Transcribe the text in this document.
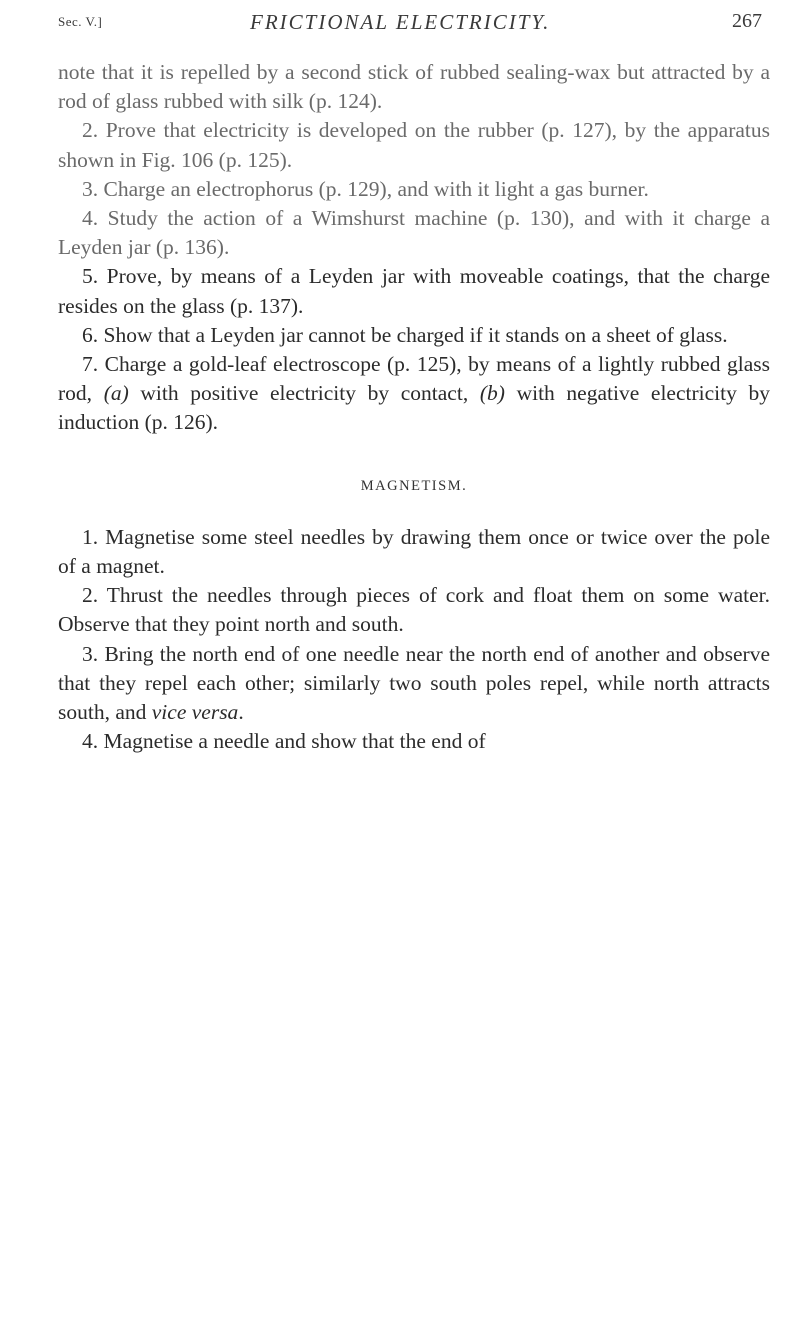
Sec. V.]	FRICTIONAL ELECTRICITY.	267

note that it is repelled by a second stick of rubbed sealing-wax but attracted by a rod of glass rubbed with silk (p. 124).

2. Prove that electricity is developed on the rubber (p. 127), by the apparatus shown in Fig. 106 (p. 125).

3. Charge an electrophorus (p. 129), and with it light a gas burner.

4. Study the action of a Wimshurst machine (p. 130), and with it charge a Leyden jar (p. 136).

5. Prove, by means of a Leyden jar with moveable coatings, that the charge resides on the glass (p. 137).

6. Show that a Leyden jar cannot be charged if it stands on a sheet of glass.

7. Charge a gold-leaf electroscope (p. 125), by means of a lightly rubbed glass rod, (a) with positive electricity by contact, (b) with negative electricity by induction (p. 126).

MAGNETISM.

1. Magnetise some steel needles by drawing them once or twice over the pole of a magnet.

2. Thrust the needles through pieces of cork and float them on some water. Observe that they point north and south.

3. Bring the north end of one needle near the north end of another and observe that they repel each other; similarly two south poles repel, while north attracts south, and vice versa.

4. Magnetise a needle and show that the end of
